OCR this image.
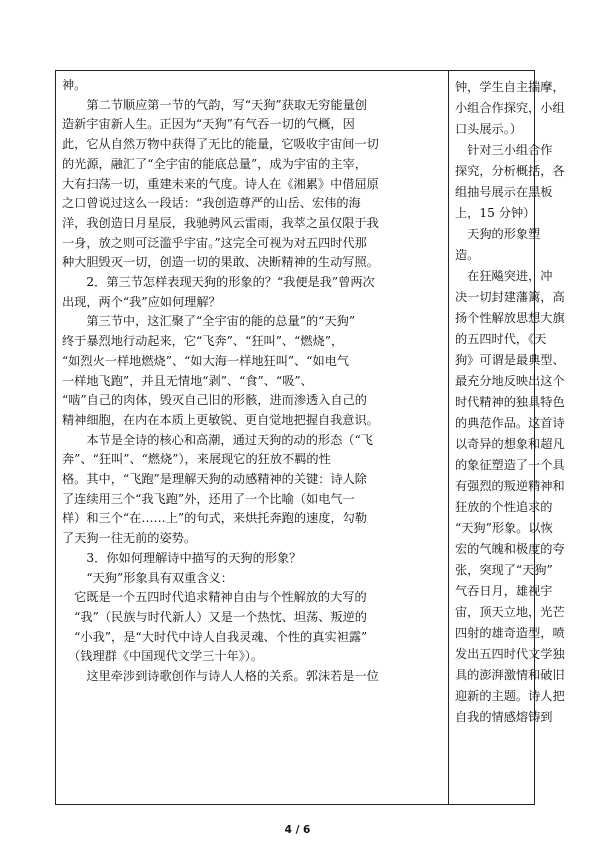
神。

　　第二节顺应第一节的气韵，写“天狗”获取无穷能量创

造新宇宙新人生。正因为“天狗”有气吞一切的气概，因

此，它从自然万物中获得了无比的能量，它吸收宇宙间一切

的光源，融汇了“全宇宙的能底总量”，成为宇宙的主宰，

大有扫荡一切，重建未来的气度。诗人在《湘累》中借屈原

之口曾说过这么一段话：“我创造尊严的山岳、宏伟的海

洋，我创造日月星辰，我驰骋风云雷雨，我萃之虽仅限于我

一身，放之则可泛滥乎宇宙。”这完全可视为对五四时代那

种大胆毁灭一切，创造一切的果敢、决断精神的生动写照。

　　2．第三节怎样表现天狗的形象的？“我便是我”曾两次

出现，两个“我”应如何理解？

　　第三节中，这汇聚了“全宇宙的能的总量”的“天狗”

终于暴烈地行动起来，它“飞奔”、“狂叫”、“燃烧”，

“如烈火一样地燃烧”、“如大海一样地狂叫”、“如电气

一样地飞跑”，并且无情地“剥”、“食”、“吸”、

“啮”自己的肉体，毁灭自己旧的形骸，进而渗透入自己的

精神细胞，在内在本质上更敏锐、更自觉地把握自我意识。

　　本节是全诗的核心和高潮，通过天狗的动的形态（“飞

奔”、“狂叫”、“燃烧”），来展现它的狂放不羁的性

格。其中，“飞跑”是理解天狗的动感精神的关键：诗人除

了连续用三个“我飞跑”外，还用了一个比喻（如电气一

样）和三个“在……上”的句式，来烘托奔跑的速度，勾勒

了天狗一往无前的姿势。

　　3．你如何理解诗中描写的天狗的形象？

　　“天狗”形象具有双重含义：

　它既是一个五四时代追求精神自由与个性解放的大写的

　“我”（民族与时代新人）又是一个热忱、坦荡、叛逆的

　“小我”，是“大时代中诗人自我灵魂、个性的真实袒露”

　（钱理群《中国现代文学三十年》）。

　　这里牵涉到诗歌创作与诗人人格的关系。郭沫若是一位

钟，学生自主揣摩，

小组合作探究，小组

口头展示。）

　针对三小组合作

探究，分析概括，各

组抽号展示在黑板

上，15 分钟）

　天狗的形象塑

造。

　在狂飚突进，冲

决一切封建藩篱，高

扬个性解放思想大旗

的五四时代，《天

狗》可谓是最典型、

最充分地反映出这个

时代精神的独具特色

的典范作品。这首诗

以奇异的想象和超凡

的象征塑造了一个具

有强烈的叛逆精神和

狂放的个性追求的

“天狗”形象。以恢

宏的气魄和极度的夸

张，突现了“天狗”

气吞日月，雄视宇

宙，顶天立地，光芒

四射的雄奇造型，喷

发出五四时代文学独

具的澎湃激情和破旧

迎新的主题。诗人把

自我的情感熔铸到

4 / 6
